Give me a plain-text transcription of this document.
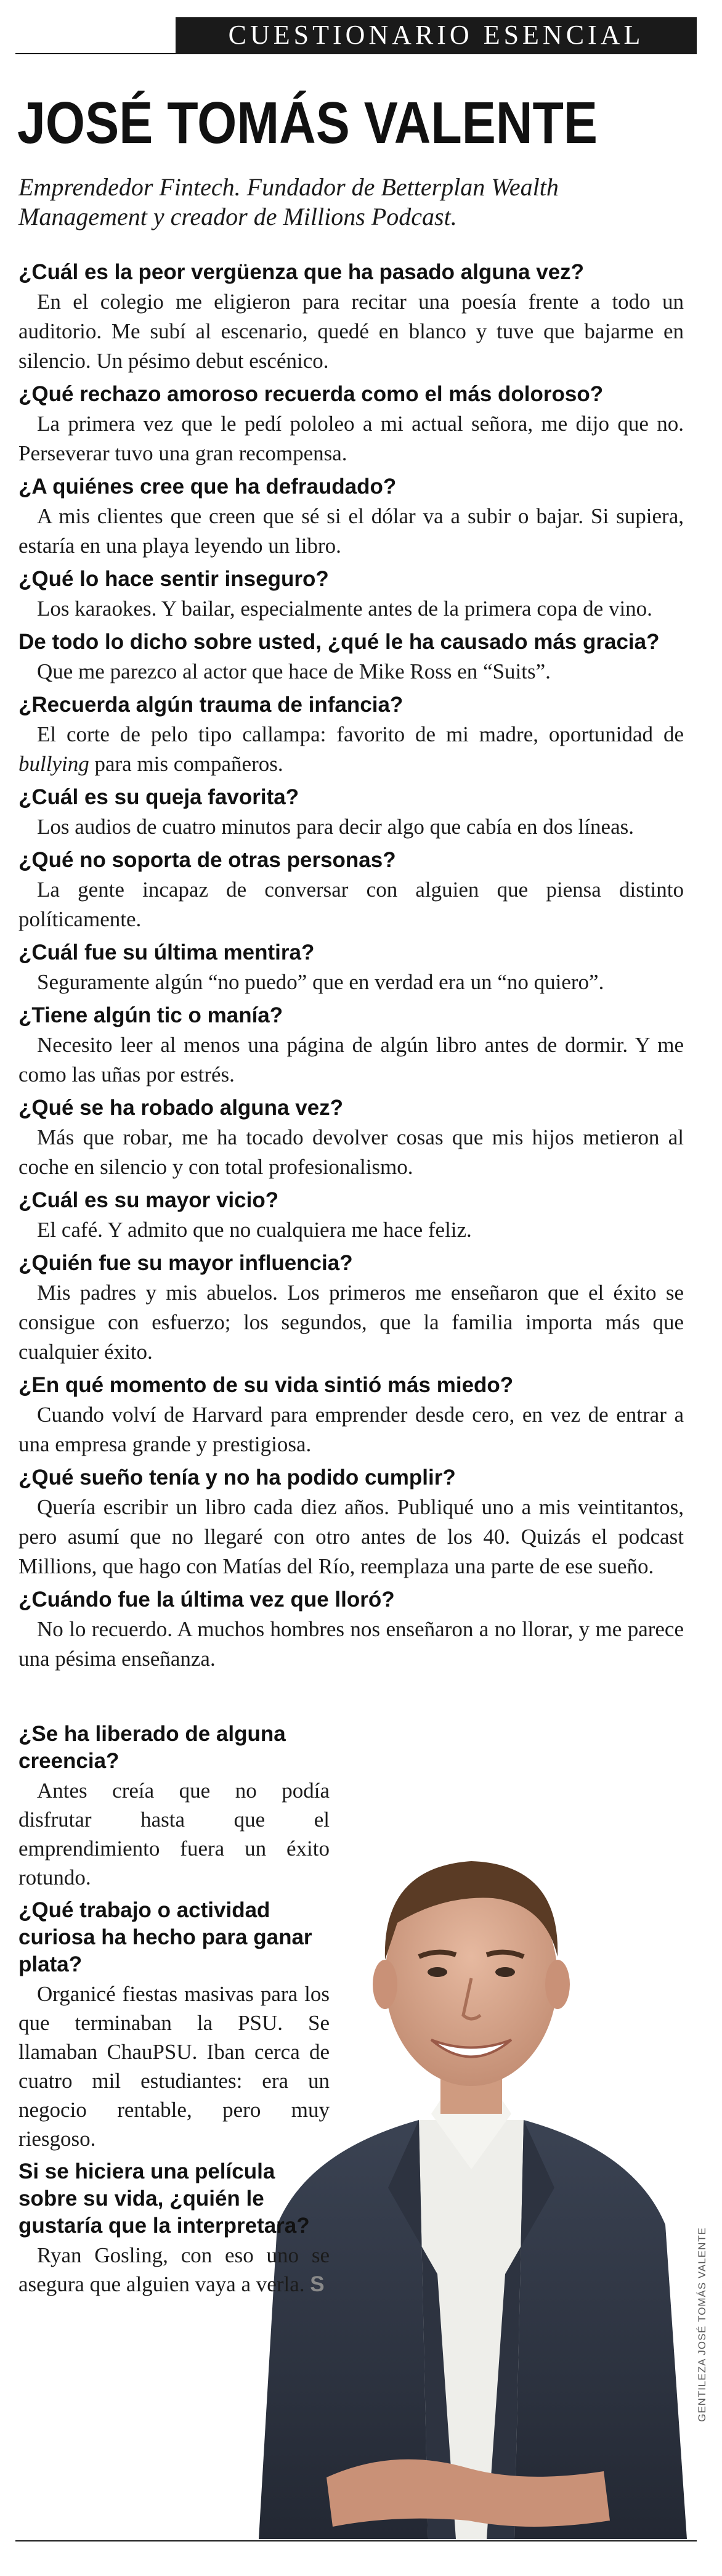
CUESTIONARIO ESENCIAL
JOSÉ TOMÁS VALENTE
Emprendedor Fintech. Fundador de Betterplan Wealth Management y creador de Millions Podcast.

¿Cuál es la peor vergüenza que ha pasado alguna vez?

En el colegio me eligieron para recitar una poesía frente a todo un auditorio. Me subí al escenario, quedé en blanco y tuve que bajarme en silencio. Un pésimo debut escénico.

¿Qué rechazo amoroso recuerda como el más doloroso?

La primera vez que le pedí pololeo a mi actual señora, me dijo que no. Perseverar tuvo una gran recompensa.

¿A quiénes cree que ha defraudado?

A mis clientes que creen que sé si el dólar va a subir o bajar. Si supiera, estaría en una playa leyendo un libro.

¿Qué lo hace sentir inseguro?

Los karaokes. Y bailar, especialmente antes de la primera copa de vino.

De todo lo dicho sobre usted, ¿qué le ha causado más gracia?

Que me parezco al actor que hace de Mike Ross en “Suits”.

¿Recuerda algún trauma de infancia?

El corte de pelo tipo callampa: favorito de mi madre, oportunidad de bullying para mis compañeros.

¿Cuál es su queja favorita?

Los audios de cuatro minutos para decir algo que cabía en dos líneas.

¿Qué no soporta de otras personas?

La gente incapaz de conversar con alguien que piensa distinto políticamente.

¿Cuál fue su última mentira?

Seguramente algún “no puedo” que en verdad era un “no quiero”.

¿Tiene algún tic o manía?

Necesito leer al menos una página de algún libro antes de dormir. Y me como las uñas por estrés.

¿Qué se ha robado alguna vez?

Más que robar, me ha tocado devolver cosas que mis hijos metieron al coche en silencio y con total profesionalismo.

¿Cuál es su mayor vicio?

El café. Y admito que no cualquiera me hace feliz.

¿Quién fue su mayor influencia?

Mis padres y mis abuelos. Los primeros me enseñaron que el éxito se consigue con esfuerzo; los segundos, que la familia importa más que cualquier éxito.

¿En qué momento de su vida sintió más miedo?

Cuando volví de Harvard para emprender desde cero, en vez de entrar a una empresa grande y prestigiosa.

¿Qué sueño tenía y no ha podido cumplir?

Quería escribir un libro cada diez años. Publiqué uno a mis veintitantos, pero asumí que no llegaré con otro antes de los 40. Quizás el podcast Millions, que hago con Matías del Río, reemplaza una parte de ese sueño.

¿Cuándo fue la última vez que lloró?

No lo recuerdo. A muchos hombres nos enseñaron a no llorar, y me parece una pésima enseñanza.

¿Se ha liberado de alguna creencia?

Antes creía que no podía disfrutar hasta que el emprendimiento fuera un éxito rotundo.

¿Qué trabajo o actividad curiosa ha hecho para ganar plata?

Organicé fiestas masivas para los que terminaban la PSU. Se llamaban ChauPSU. Iban cerca de cuatro mil estudiantes: era un negocio rentable, pero muy riesgoso.

Si se hiciera una película sobre su vida, ¿quién le gustaría que la interpretara?

Ryan Gosling, con eso uno se asegura que alguien vaya a verla. S	GENTILEZA JOSÉ TOMÁS VALENTE
